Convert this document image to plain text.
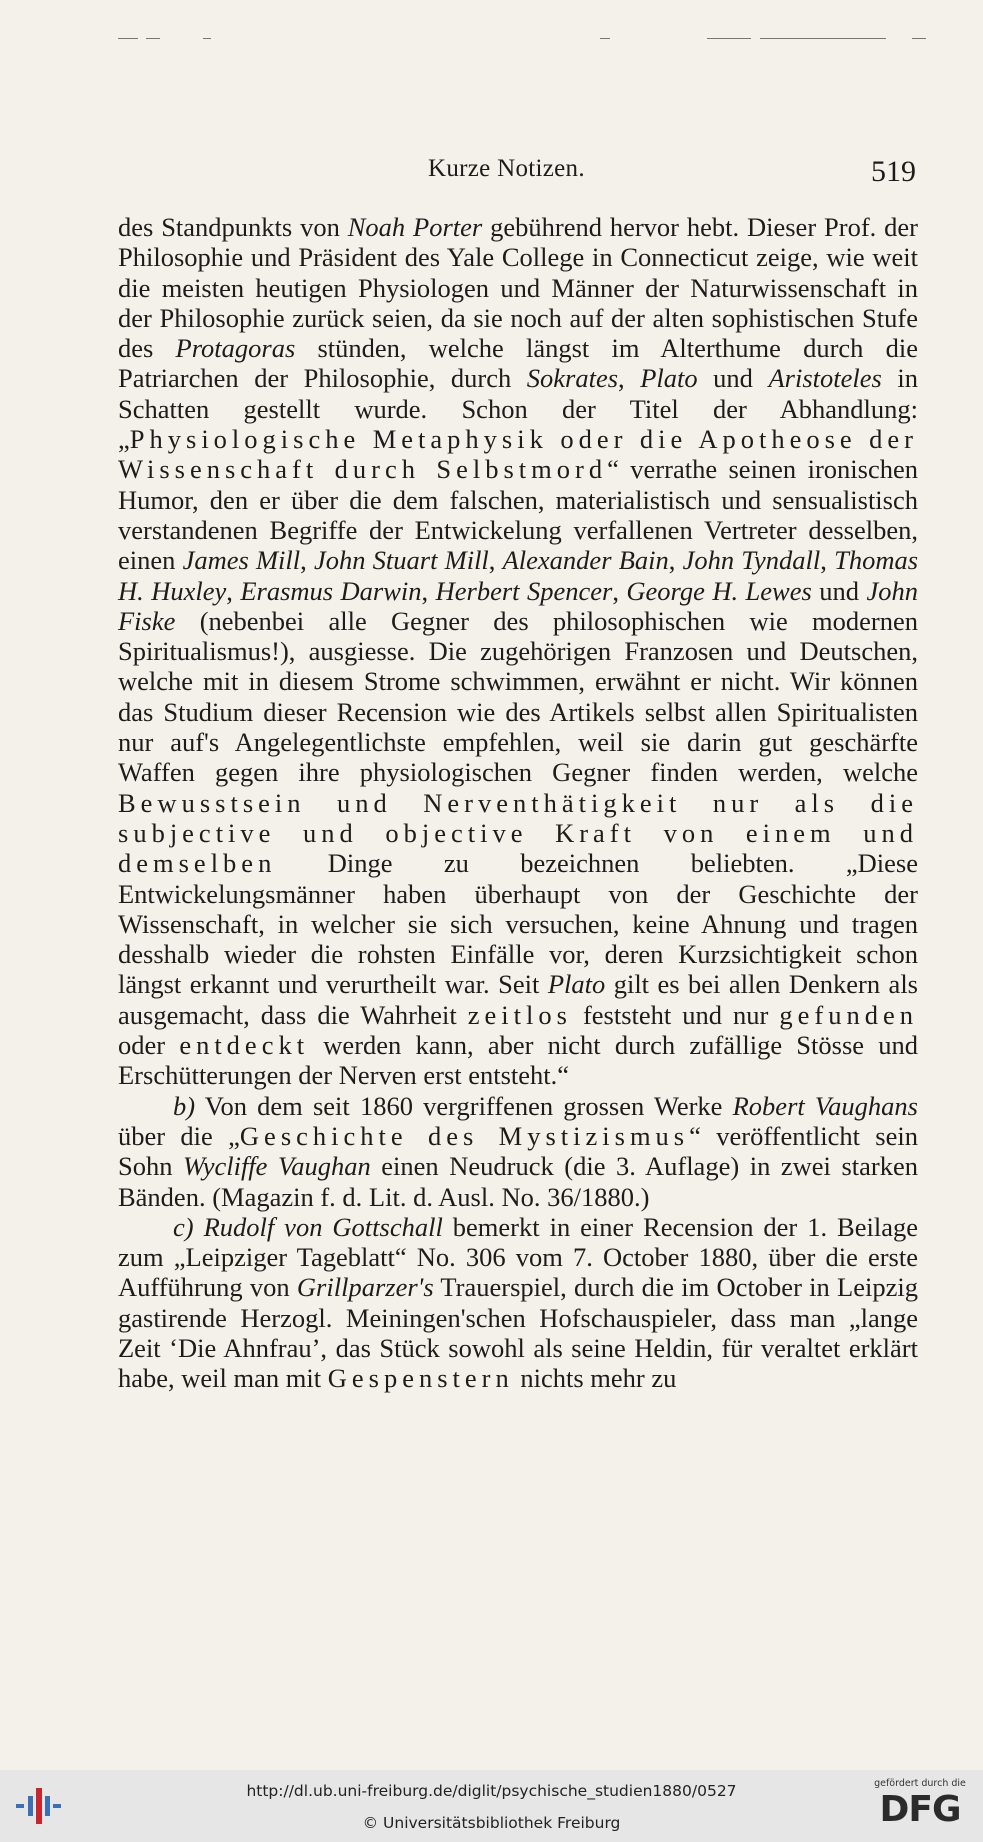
Kurze Notizen.	519

des Standpunkts von Noah Porter gebührend hervor hebt. Dieser Prof. der Philosophie und Präsident des Yale College in Connecticut zeige, wie weit die meisten heutigen Physiologen und Männer der Naturwissenschaft in der Philosophie zurück seien, da sie noch auf der alten sophistischen Stufe des Protagoras stünden, welche längst im Alterthume durch die Patriarchen der Philosophie, durch Sokrates, Plato und Aristoteles in Schatten gestellt wurde. Schon der Titel der Abhandlung: „Physiologische Metaphysik oder die Apotheose der Wissenschaft durch Selbstmord“ verrathe seinen ironischen Humor, den er über die dem falschen, materialistisch und sensualistisch verstandenen Begriffe der Entwickelung verfallenen Vertreter desselben, einen James Mill, John Stuart Mill, Alexander Bain, John Tyndall, Thomas H. Huxley, Erasmus Darwin, Herbert Spencer, George H. Lewes und John Fiske (nebenbei alle Gegner des philosophischen wie modernen Spiritualismus!), ausgiesse. Die zugehörigen Franzosen und Deutschen, welche mit in diesem Strome schwimmen, erwähnt er nicht. Wir können das Studium dieser Recension wie des Artikels selbst allen Spiritualisten nur auf's Angelegentlichste empfehlen, weil sie darin gut geschärfte Waffen gegen ihre physiologischen Gegner finden werden, welche Bewusstsein und Nerventhätigkeit nur als die subjective und objective Kraft von einem und demselben Dinge zu bezeichnen beliebten. „Diese Entwickelungsmänner haben überhaupt von der Geschichte der Wissenschaft, in welcher sie sich versuchen, keine Ahnung und tragen desshalb wieder die rohsten Einfälle vor, deren Kurzsichtigkeit schon längst erkannt und verurtheilt war. Seit Plato gilt es bei allen Denkern als ausgemacht, dass die Wahrheit zeitlos feststeht und nur gefunden oder entdeckt werden kann, aber nicht durch zufällige Stösse und Erschütterungen der Nerven erst entsteht.“

b) Von dem seit 1860 vergriffenen grossen Werke Robert Vaughans über die „Geschichte des Mystizismus“ veröffentlicht sein Sohn Wycliffe Vaughan einen Neudruck (die 3. Auflage) in zwei starken Bänden. (Magazin f. d. Lit. d. Ausl. No. 36/1880.)

c) Rudolf von Gottschall bemerkt in einer Recension der 1. Beilage zum „Leipziger Tageblatt“ No. 306 vom 7. October 1880, über die erste Aufführung von Grillparzer's Trauerspiel, durch die im October in Leipzig gastirende Herzogl. Meiningen'schen Hofschauspieler, dass man „lange Zeit ‘Die Ahnfrau’, das Stück sowohl als seine Heldin, für veraltet erklärt habe, weil man mit Gespenstern nichts mehr zu

http://dl.ub.uni-freiburg.de/diglit/psychische_studien1880/0527
© Universitätsbibliothek Freiburg
gefördert durch die
DFG
